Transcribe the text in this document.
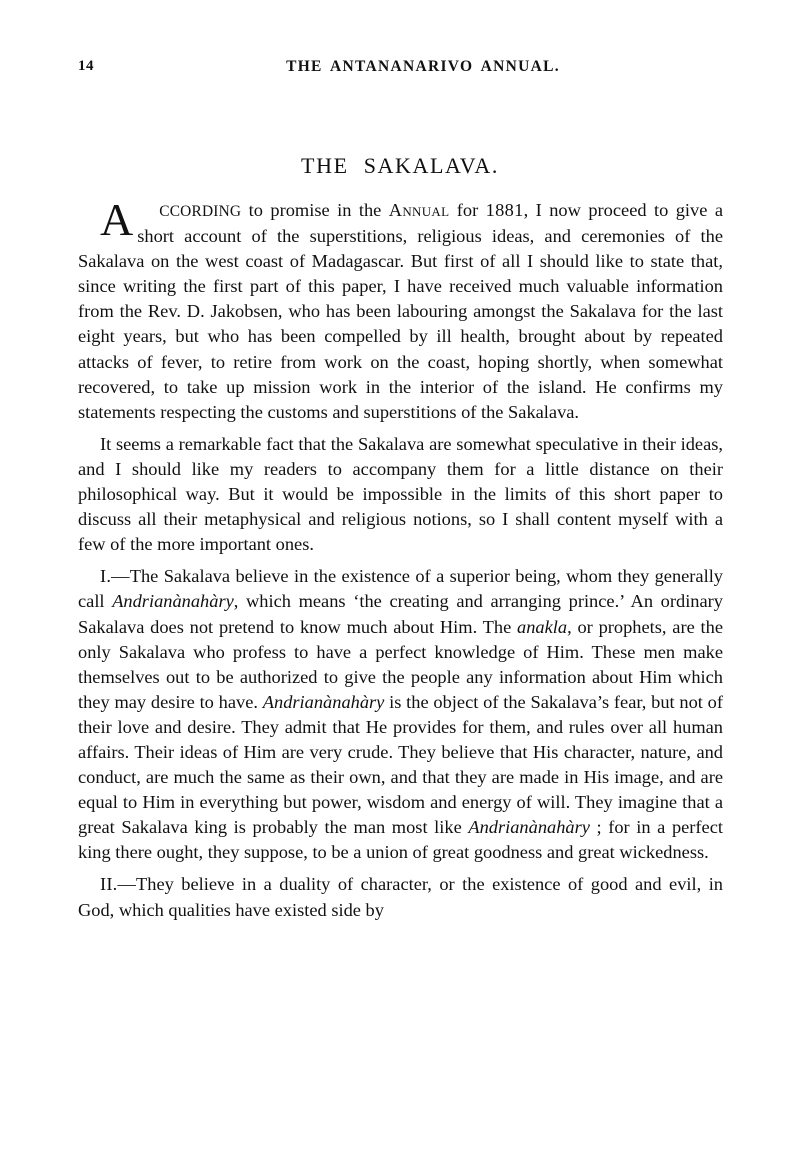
14	THE ANTANANARIVO ANNUAL.
THE SAKALAVA.

A CCORDING to promise in the Annual for 1881, I now proceed to give a short account of the superstitions, religious ideas, and ceremonies of the Sakalava on the west coast of Madagascar. But first of all I should like to state that, since writing the first part of this paper, I have received much valuable information from the Rev. D. Jakobsen, who has been labouring amongst the Sakalava for the last eight years, but who has been compelled by ill health, brought about by repeated attacks of fever, to retire from work on the coast, hoping shortly, when somewhat recovered, to take up mission work in the interior of the island. He confirms my statements respecting the customs and superstitions of the Sakalava.

It seems a remarkable fact that the Sakalava are somewhat speculative in their ideas, and I should like my readers to accompany them for a little distance on their philosophical way. But it would be impossible in the limits of this short paper to discuss all their metaphysical and religious notions, so I shall content myself with a few of the more important ones.

I.—The Sakalava believe in the existence of a superior being, whom they generally call Andrianànahàry, which means ‘the creating and arranging prince.’ An ordinary Sakalava does not pretend to know much about Him. The anakla, or prophets, are the only Sakalava who profess to have a perfect knowledge of Him. These men make themselves out to be authorized to give the people any information about Him which they may desire to have. Andrianànahàry is the object of the Sakalava’s fear, but not of their love and desire. They admit that He provides for them, and rules over all human affairs. Their ideas of Him are very crude. They believe that His character, nature, and conduct, are much the same as their own, and that they are made in His image, and are equal to Him in everything but power, wisdom and energy of will. They imagine that a great Sakalava king is probably the man most like Andrianànahàry ; for in a perfect king there ought, they suppose, to be a union of great goodness and great wickedness.

II.—They believe in a duality of character, or the existence of good and evil, in God, which qualities have existed side by
